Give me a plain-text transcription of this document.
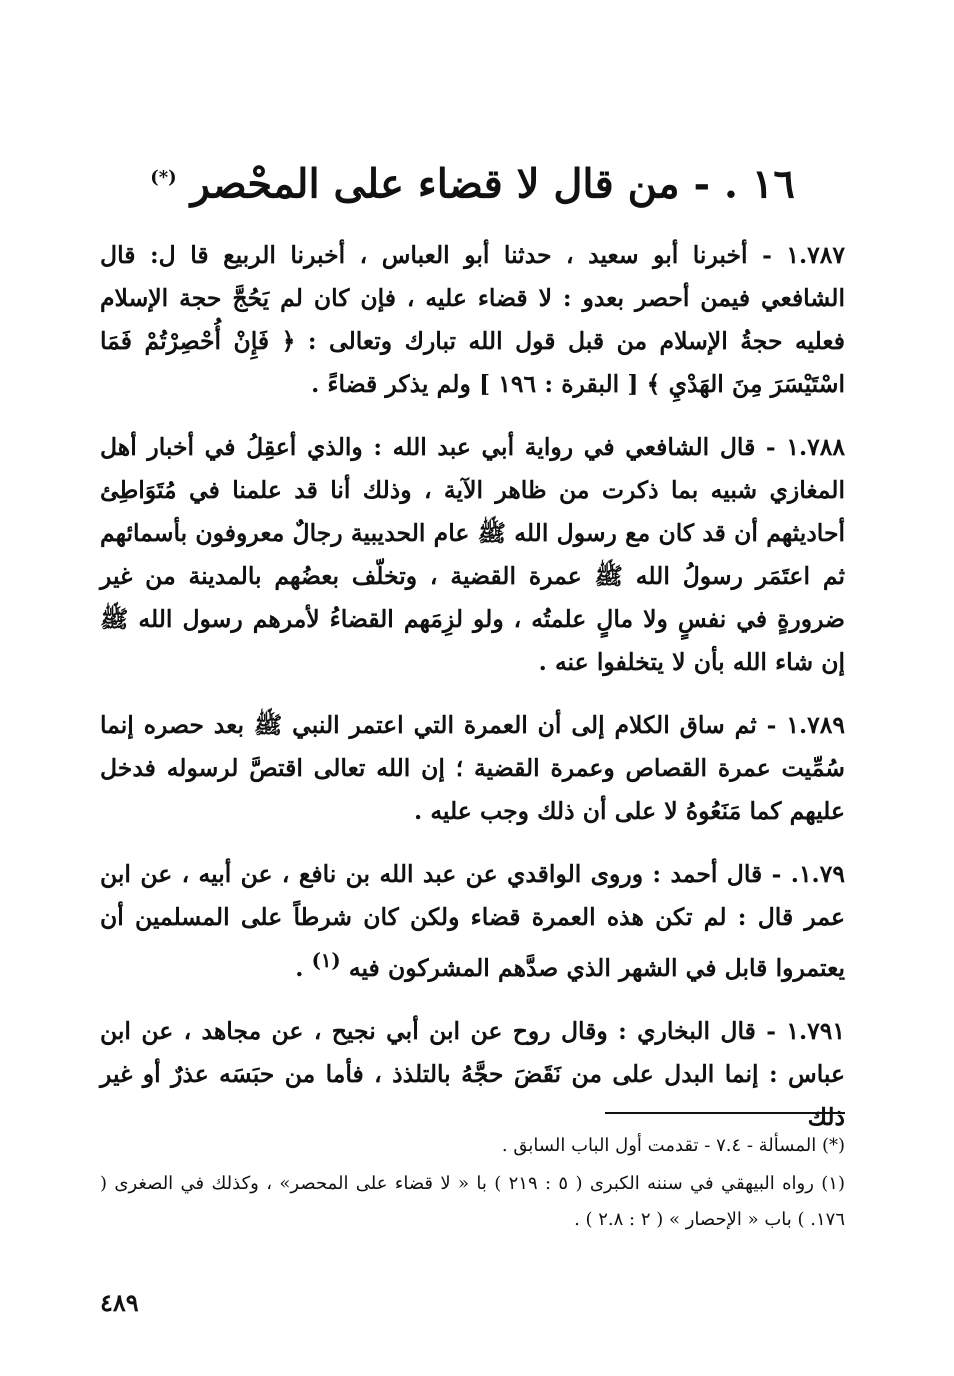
١٦ . - من قال لا قضاء على المحْصر (*)

١.٧٨٧ - أخبرنا أبو سعيد ، حدثنا أبو العباس ، أخبرنا الربيع قا ل: قال الشافعي فيمن أحصر بعدو : لا قضاء عليه ، فإن كان لم يَحُجَّ حجة الإسلام فعليه حجةُ الإسلام من قبل قول الله تبارك وتعالى : ﴿ فَإِنْ أُحْصِرْتُمْ فَمَا اسْتَيْسَرَ مِنَ الهَدْيِ ﴾ [ البقرة : ١٩٦ ] ولم يذكر قضاءً .

١.٧٨٨ - قال الشافعي في رواية أبي عبد الله : والذي أعقِلُ في أخبار أهل المغازي شبيه بما ذكرت من ظاهر الآية ، وذلك أنا قد علمنا في مُتَوَاطِئ أحاديثهم أن قد كان مع رسول الله ﷺ عام الحديبية رجالٌ معروفون بأسمائهم ثم اعتَمَر رسولُ الله ﷺ عمرة القضية ، وتخلّف بعضُهم بالمدينة من غير ضرورةٍ في نفسٍ ولا مالٍ علمتُه ، ولو لزِمَهم القضاءُ لأمرهم رسول الله ﷺ إن شاء الله بأن لا يتخلفوا عنه .

١.٧٨٩ - ثم ساق الكلام إلى أن العمرة التي اعتمر النبي ﷺ بعد حصره إنما سُمِّيت عمرة القصاص وعمرة القضية ؛ إن الله تعالى اقتصَّ لرسوله فدخل عليهم كما مَنَعُوهُ لا على أن ذلك وجب عليه .

١.٧٩. - قال أحمد : وروى الواقدي عن عبد الله بن نافع ، عن أبيه ، عن ابن عمر قال : لم تكن هذه العمرة قضاء ولكن كان شرطاً على المسلمين أن يعتمروا قابل في الشهر الذي صدَّهم المشركون فيه $^{(١)}$ .

١.٧٩١ - قال البخاري : وقال روح عن ابن أبي نجيح ، عن مجاهد ، عن ابن عباس : إنما البدل على من نَقَضَ حجَّهُ بالتلذذ ، فأما من حبَسَه عذرٌ أو غير ذلك

(*) المسألة - ٧.٤ - تقدمت أول الباب السابق .

(١) رواه البيهقي في سننه الكبرى ( ٥ : ٢١٩ ) با « لا قضاء على المحصر» ، وكذلك في الصغرى ( ١٧٦. ) باب « الإحصار » ( ٢ : ٢.٨ ) .

٤٨٩
